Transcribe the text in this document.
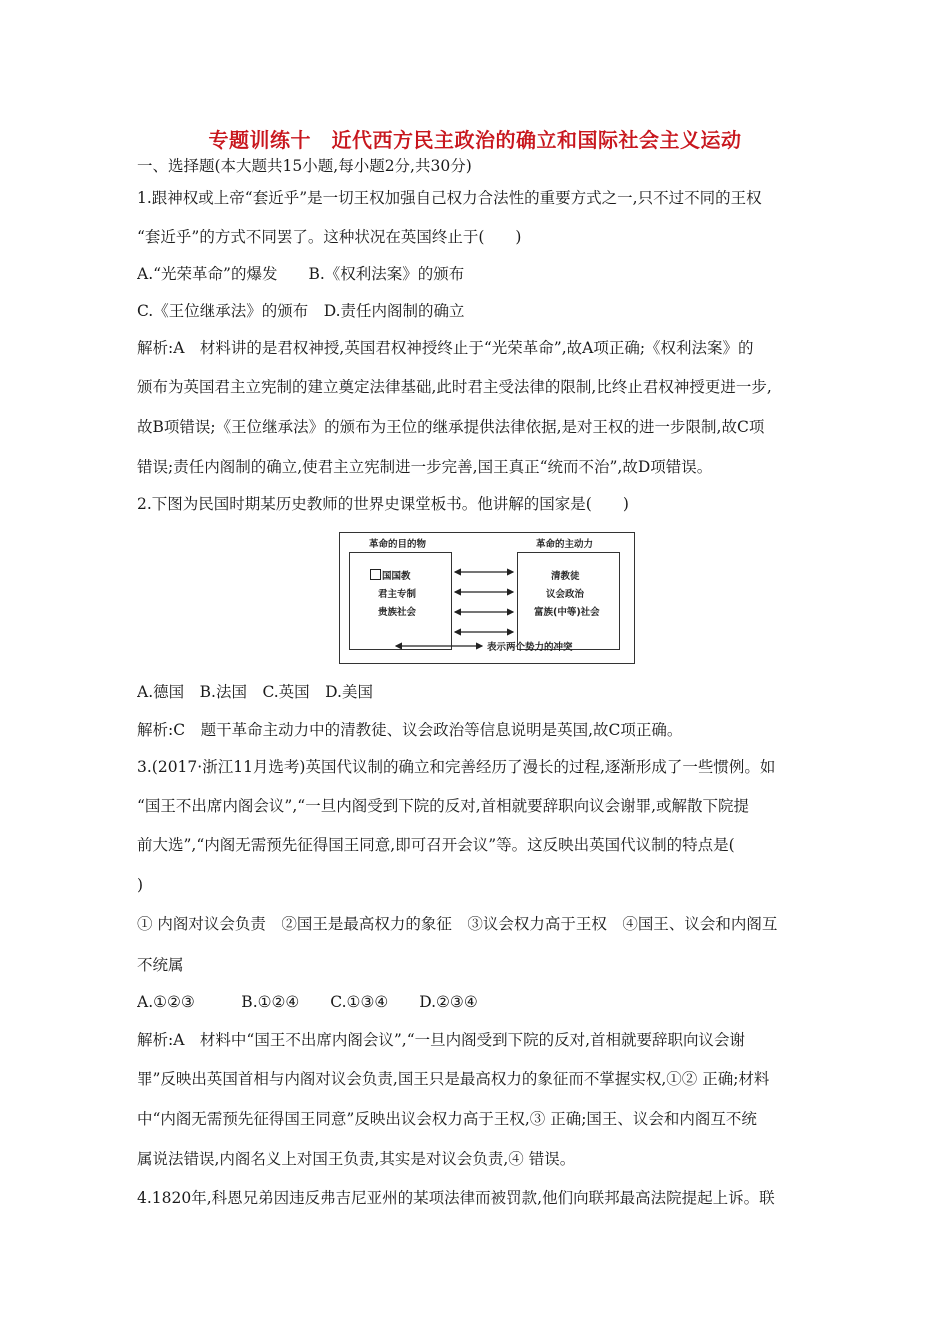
专题训练十　近代西方民主政治的确立和国际社会主义运动
一、选择题(本大题共15小题,每小题2分,共30分)
1.跟神权或上帝“套近乎”是一切王权加强自己权力合法性的重要方式之一,只不过不同的王权
“套近乎”的方式不同罢了。这种状况在英国终止于(　　)
A.“光荣革命”的爆发　　B.《权利法案》的颁布
C.《王位继承法》的颁布　D.责任内阁制的确立
解析:A　材料讲的是君权神授,英国君权神授终止于“光荣革命”,故A项正确;《权利法案》的
颁布为英国君主立宪制的建立奠定法律基础,此时君主受法律的限制,比终止君权神授更进一步,
故B项错误;《王位继承法》的颁布为王位的继承提供法律依据,是对王权的进一步限制,故C项
错误;责任内阁制的确立,使君主立宪制进一步完善,国王真正“统而不治”,故D项错误。
2.下图为民国时期某历史教师的世界史课堂板书。他讲解的国家是(　　)
革命的目的物	革命的主动力
国国教
君主专制
贵族社会
清教徒
议会政治
富族(中等)社会
表示两个势力的冲突
A.德国　B.法国　C.英国　D.美国
解析:C　题干革命主动力中的清教徒、议会政治等信息说明是英国,故C项正确。
3.(2017·浙江11月选考)英国代议制的确立和完善经历了漫长的过程,逐渐形成了一些惯例。如
“国王不出席内阁会议”,“一旦内阁受到下院的反对,首相就要辞职向议会谢罪,或解散下院提
前大选”,“内阁无需预先征得国王同意,即可召开会议”等。这反映出英国代议制的特点是(
)
① 内阁对议会负责　②国王是最高权力的象征　③议会权力高于王权　④国王、议会和内阁互
不统属
A.①②③　　　B.①②④　　C.①③④　　D.②③④
解析:A　材料中“国王不出席内阁会议”,“一旦内阁受到下院的反对,首相就要辞职向议会谢
罪”反映出英国首相与内阁对议会负责,国王只是最高权力的象征而不掌握实权,①② 正确;材料
中“内阁无需预先征得国王同意”反映出议会权力高于王权,③ 正确;国王、议会和内阁互不统
属说法错误,内阁名义上对国王负责,其实是对议会负责,④ 错误。
4.1820年,科恩兄弟因违反弗吉尼亚州的某项法律而被罚款,他们向联邦最高法院提起上诉。联
